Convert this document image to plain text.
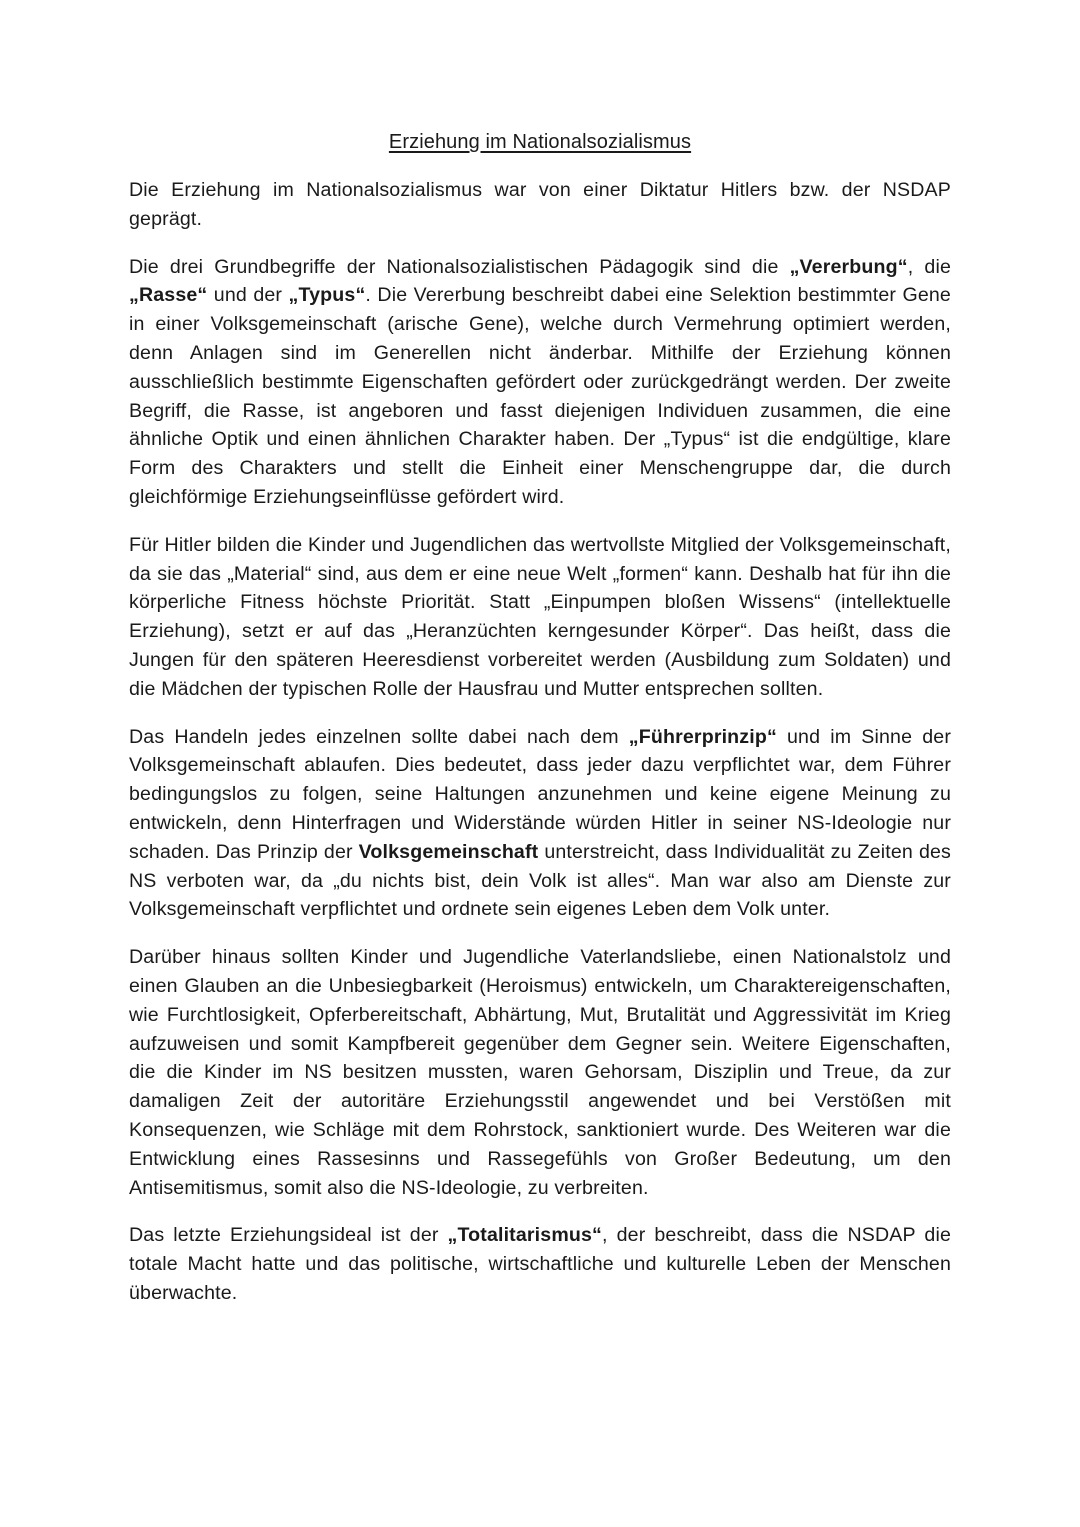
Erziehung im Nationalsozialismus

Die Erziehung im Nationalsozialismus war von einer Diktatur Hitlers bzw. der NSDAP geprägt.

Die drei Grundbegriffe der Nationalsozialistischen Pädagogik sind die „Vererbung“, die „Rasse“ und der „Typus“. Die Vererbung beschreibt dabei eine Selektion bestimmter Gene in einer Volksgemeinschaft (arische Gene), welche durch Vermehrung optimiert werden, denn Anlagen sind im Generellen nicht änderbar. Mithilfe der Erziehung können ausschließlich bestimmte Eigenschaften gefördert oder zurückgedrängt werden. Der zweite Begriff, die Rasse, ist angeboren und fasst diejenigen Individuen zusammen, die eine ähnliche Optik und einen ähnlichen Charakter haben. Der „Typus“ ist die endgültige, klare Form des Charakters und stellt die Einheit einer Menschengruppe dar, die durch gleichförmige Erziehungseinflüsse gefördert wird.

Für Hitler bilden die Kinder und Jugendlichen das wertvollste Mitglied der Volksgemeinschaft, da sie das „Material“ sind, aus dem er eine neue Welt „formen“ kann. Deshalb hat für ihn die körperliche Fitness höchste Priorität. Statt „Einpumpen bloßen Wissens“ (intellektuelle Erziehung), setzt er auf das „Heranzüchten kerngesunder Körper“. Das heißt, dass die Jungen für den späteren Heeresdienst vorbereitet werden (Ausbildung zum Soldaten) und die Mädchen der typischen Rolle der Hausfrau und Mutter entsprechen sollten.

Das Handeln jedes einzelnen sollte dabei nach dem „Führerprinzip“ und im Sinne der Volksgemeinschaft ablaufen. Dies bedeutet, dass jeder dazu verpflichtet war, dem Führer bedingungslos zu folgen, seine Haltungen anzunehmen und keine eigene Meinung zu entwickeln, denn Hinterfragen und Widerstände würden Hitler in seiner NS-Ideologie nur schaden. Das Prinzip der Volksgemeinschaft unterstreicht, dass Individualität zu Zeiten des NS verboten war, da „du nichts bist, dein Volk ist alles“. Man war also am Dienste zur Volksgemeinschaft verpflichtet und ordnete sein eigenes Leben dem Volk unter.

Darüber hinaus sollten Kinder und Jugendliche Vaterlandsliebe, einen Nationalstolz und einen Glauben an die Unbesiegbarkeit (Heroismus) entwickeln, um Charaktereigenschaften, wie Furchtlosigkeit, Opferbereitschaft, Abhärtung, Mut, Brutalität und Aggressivität im Krieg aufzuweisen und somit Kampfbereit gegenüber dem Gegner sein. Weitere Eigenschaften, die die Kinder im NS besitzen mussten, waren Gehorsam, Disziplin und Treue, da zur damaligen Zeit der autoritäre Erziehungsstil angewendet und bei Verstößen mit Konsequenzen, wie Schläge mit dem Rohrstock, sanktioniert wurde. Des Weiteren war die Entwicklung eines Rassesinns und Rassegefühls von Großer Bedeutung, um den Antisemitismus, somit also die NS-Ideologie, zu verbreiten.

Das letzte Erziehungsideal ist der „Totalitarismus“, der beschreibt, dass die NSDAP die totale Macht hatte und das politische, wirtschaftliche und kulturelle Leben der Menschen überwachte.
